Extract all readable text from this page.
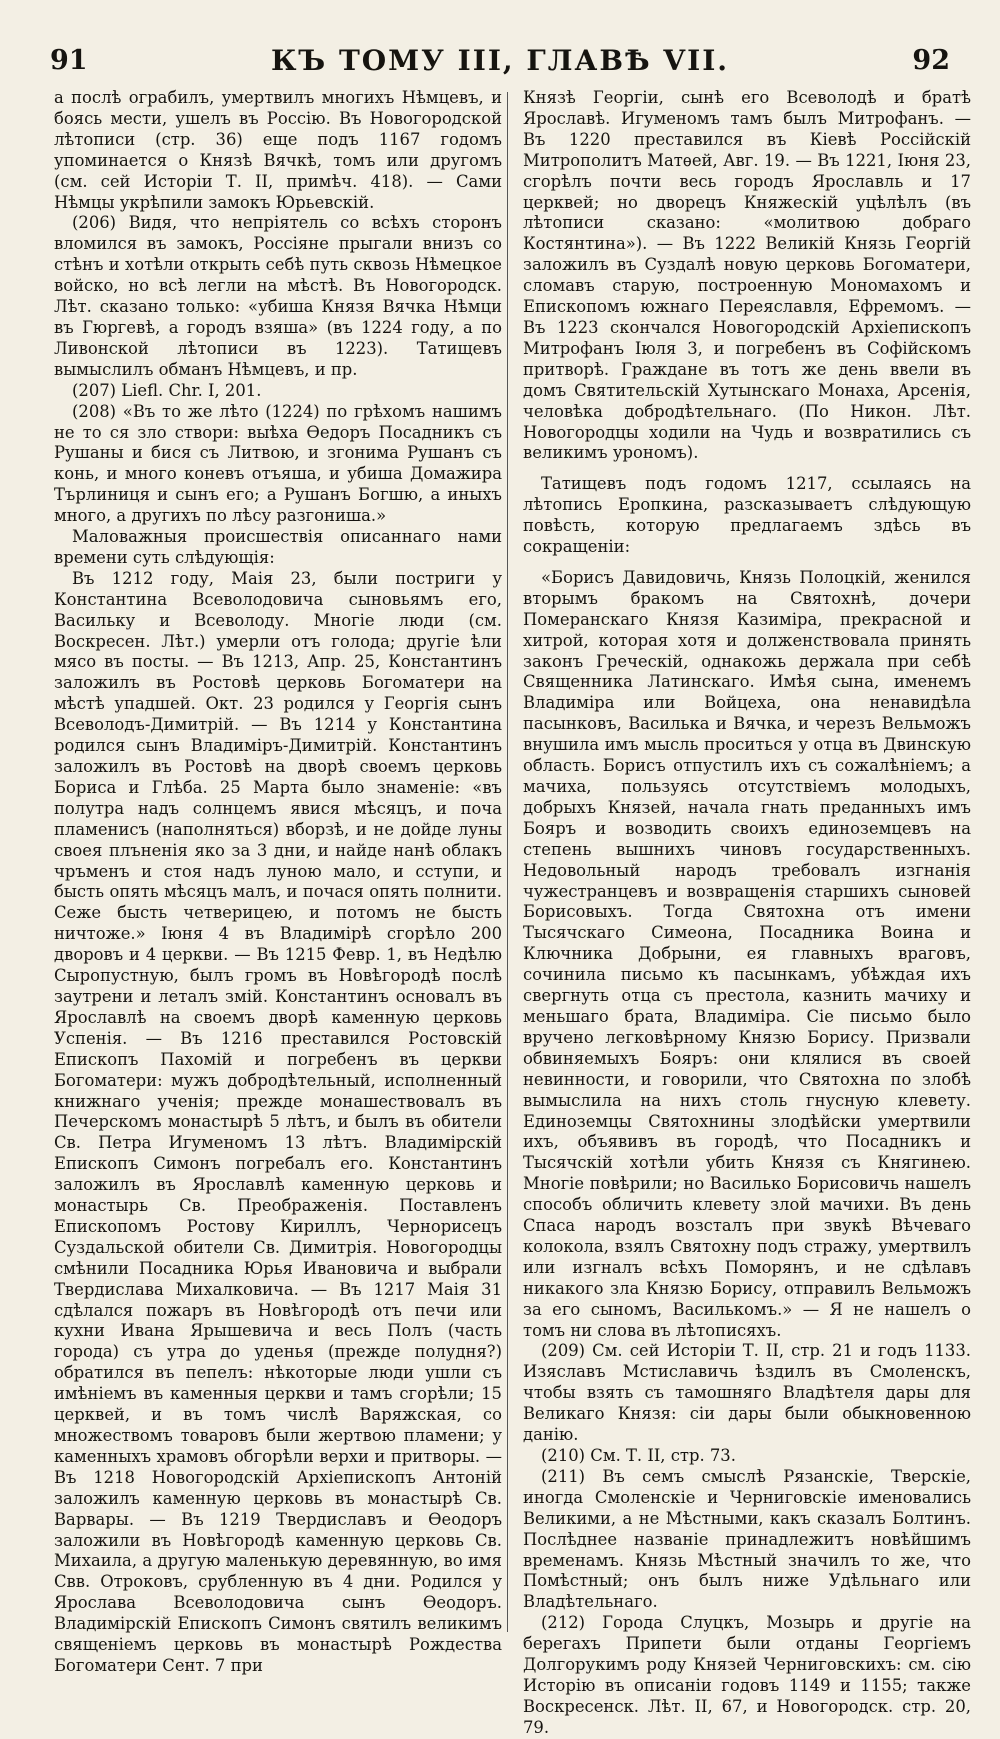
91	КЪ ТОМУ III, ГЛАВѢ VII.	92

а послѣ ограбилъ, умертвилъ многихъ Нѣмцевъ, и боясь мести, ушелъ въ Россію. Въ Новогородской лѣтописи (стр. 36) еще подъ 1167 годомъ упоминается о Князѣ Вячкѣ, томъ или другомъ (см. сей Исторіи Т. II, примѣч. 418). — Сами Нѣмцы укрѣпили замокъ Юрьевскій.

(206) Видя, что непріятель со всѣхъ сторонъ вломился въ замокъ, Россіяне прыгали внизъ со стѣнъ и хотѣли открыть себѣ путь сквозь Нѣмецкое войско, но всѣ легли на мѣстѣ. Въ Новогородск. Лѣт. сказано только: «убиша Князя Вячка Нѣмци въ Гюргевѣ, а городъ взяша» (въ 1224 году, а по Ливонской лѣтописи въ 1223). Татищевъ вымыслилъ обманъ Нѣмцевъ, и пр.

(207) Liefl. Chr. I, 201.

(208) «Въ то же лѣто (1224) по грѣхомъ нашимъ не то ся зло створи: выѣха Ѳедоръ Посадникъ съ Рушаны и бися съ Литвою, и згонима Рушанъ съ конь, и много коневъ отъяша, и убиша Домажира Търлиниця и сынъ его; а Рушанъ Богшю, а иныхъ много, а другихъ по лѣсу разгониша.»

Маловажныя происшествія описаннаго нами времени суть слѣдующія:

Въ 1212 году, Маія 23, были постриги у Константина Всеволодовича сыновьямъ его, Васильку и Всеволоду. Многіе люди (см. Воскресен. Лѣт.) умерли отъ голода; другіе ѣли мясо въ посты. — Въ 1213, Апр. 25, Константинъ заложилъ въ Ростовѣ церковь Богоматери на мѣстѣ упадшей. Окт. 23 родился у Георгія сынъ Всеволодъ-Димитрій. — Въ 1214 у Константина родился сынъ Владиміръ-Димитрій. Константинъ заложилъ въ Ростовѣ на дворѣ своемъ церковь Бориса и Глѣба. 25 Марта было знаменіе: «въ полутра надъ солнцемъ явися мѣсяцъ, и поча пламенисъ (наполняться) вборзѣ, и не дойде луны своея плъненія яко за 3 дни, и найде нанѣ облакъ чръменъ и стоя надъ луною мало, и сступи, и бысть опять мѣсяцъ малъ, и почася опять полнити. Сеже бысть четверицею, и потомъ не бысть ничтоже.» Іюня 4 въ Владимірѣ сгорѣло 200 дворовъ и 4 церкви. — Въ 1215 Февр. 1, въ Недѣлю Сыропустную, былъ громъ въ Новѣгородѣ послѣ заутрени и леталъ змій. Константинъ основалъ въ Ярославлѣ на своемъ дворѣ каменную церковь Успенія. — Въ 1216 преставился Ростовскій Епископъ Пахомій и погребенъ въ церкви Богоматери: мужъ добродѣтельный, исполненный книжнаго ученія; прежде монашествовалъ въ Печерскомъ монастырѣ 5 лѣтъ, и былъ въ обители Св. Петра Игуменомъ 13 лѣтъ. Владимірскій Епископъ Симонъ погребалъ его. Константинъ заложилъ въ Ярославлѣ каменную церковь и монастырь Св. Преображенія. Поставленъ Епископомъ Ростову Кириллъ, Чернорисецъ Суздальской обители Св. Димитрія. Новогородцы смѣнили Посадника Юрья Ивановича и выбрали Твердислава Михалковича. — Въ 1217 Маія 31 сдѣлался пожаръ въ Новѣгородѣ отъ печи или кухни Ивана Ярышевича и весь Полъ (часть города) съ утра до уденья (прежде полудня?) обратился въ пепелъ: нѣкоторые люди ушли съ имѣніемъ въ каменныя церкви и тамъ сгорѣли; 15 церквей, и въ томъ числѣ Варяжская, со множествомъ товаровъ были жертвою пламени; у каменныхъ храмовъ обгорѣли верхи и притворы. — Въ 1218 Новогородскій Архіепископъ Антоній заложилъ каменную церковь въ монастырѣ Св. Варвары. — Въ 1219 Твердиславъ и Ѳеодоръ заложили въ Новѣгородѣ каменную церковь Св. Михаила, а другую маленькую деревянную, во имя Свв. Отроковъ, срубленную въ 4 дни. Родился у Ярослава Всеволодовича сынъ Ѳеодоръ. Владимірскій Епископъ Симонъ святилъ великимъ священіемъ церковь въ монастырѣ Рождества Богоматери Сент. 7 при

Князѣ Георгіи, сынѣ его Всеволодѣ и братѣ Ярославѣ. Игуменомъ тамъ былъ Митрофанъ. — Въ 1220 преставился въ Кіевѣ Россійскій Митрополитъ Матѳей, Авг. 19. — Въ 1221, Іюня 23, сгорѣлъ почти весь городъ Ярославль и 17 церквей; но дворецъ Княжескій уцѣлѣлъ (въ лѣтописи сказано: «молитвою добраго Костянтина»). — Въ 1222 Великій Князь Георгій заложилъ въ Суздалѣ новую церковь Богоматери, сломавъ старую, построенную Мономахомъ и Епископомъ южнаго Переяславля, Ефремомъ. — Въ 1223 скончался Новогородскій Архіепископъ Митрофанъ Іюля 3, и погребенъ въ Софійскомъ притворѣ. Граждане въ тотъ же день ввели въ домъ Святительскій Хутынскаго Монаха, Арсенія, человѣка добродѣтельнаго. (По Никон. Лѣт. Новогородцы ходили на Чудь и возвратились съ великимъ урономъ).

Татищевъ подъ годомъ 1217, ссылаясь на лѣтопись Еропкина, разсказываетъ слѣдующую повѣсть, которую предлагаемъ здѣсь въ сокращеніи:

«Борисъ Давидовичь, Князь Полоцкій, женился вторымъ бракомъ на Святохнѣ, дочери Померанскаго Князя Казиміра, прекрасной и хитрой, которая хотя и долженствовала принять законъ Греческій, однакожь держала при себѣ Священника Латинскаго. Имѣя сына, именемъ Владиміра или Войцеха, она ненавидѣла пасынковъ, Василька и Вячка, и черезъ Вельможъ внушила имъ мысль проситься у отца въ Двинскую область. Борисъ отпустилъ ихъ съ сожалѣніемъ; а мачиха, пользуясь отсутствіемъ молодыхъ, добрыхъ Князей, начала гнать преданныхъ имъ Бояръ и возводить своихъ единоземцевъ на степень вышнихъ чиновъ государственныхъ. Недовольный народъ требовалъ изгнанія чужестранцевъ и возвращенія старшихъ сыновей Борисовыхъ. Тогда Святохна отъ имени Тысячскаго Симеона, Посадника Воина и Ключника Добрыни, ея главныхъ враговъ, сочинила письмо къ пасынкамъ, убѣждая ихъ свергнуть отца съ престола, казнить мачиху и меньшаго брата, Владиміра. Сіе письмо было вручено легковѣрному Князю Борису. Призвали обвиняемыхъ Бояръ: они клялися въ своей невинности, и говорили, что Святохна по злобѣ вымыслила на нихъ столь гнусную клевету. Единоземцы Святохнины злодѣйски умертвили ихъ, объявивъ въ городѣ, что Посадникъ и Тысячскій хотѣли убить Князя съ Княгинею. Многіе повѣрили; но Василько Борисовичь нашелъ способъ обличить клевету злой мачихи. Въ день Спаса народъ возсталъ при звукѣ Вѣчеваго колокола, взялъ Святохну подъ стражу, умертвилъ или изгналъ всѣхъ Поморянъ, и не сдѣлавъ никакого зла Князю Борису, отправилъ Вельможъ за его сыномъ, Василькомъ.» — Я не нашелъ о томъ ни слова въ лѣтописяхъ.

(209) См. сей Исторіи Т. II, стр. 21 и годъ 1133. Изяславъ Мстиславичь ѣздилъ въ Смоленскъ, чтобы взять съ тамошняго Владѣтеля дары для Великаго Князя: сіи дары были обыкновенною данію.

(210) См. Т. II, стр. 73.

(211) Въ семъ смыслѣ Рязанскіе, Тверскіе, иногда Смоленскіе и Черниговскіе именовались Великими, а не Мѣстными, какъ сказалъ Болтинъ. Послѣднее названіе принадлежитъ новѣйшимъ временамъ. Князь Мѣстный значилъ то же, что Помѣстный; онъ былъ ниже Удѣльнаго или Владѣтельнаго.

(212) Города Слуцкъ, Мозырь и другіе на берегахъ Припети были отданы Георгіемъ Долгорукимъ роду Князей Черниговскихъ: см. сію Исторію въ описаніи годовъ 1149 и 1155; также Воскресенск. Лѣт. II, 67, и Новогородск. стр. 20, 79.
